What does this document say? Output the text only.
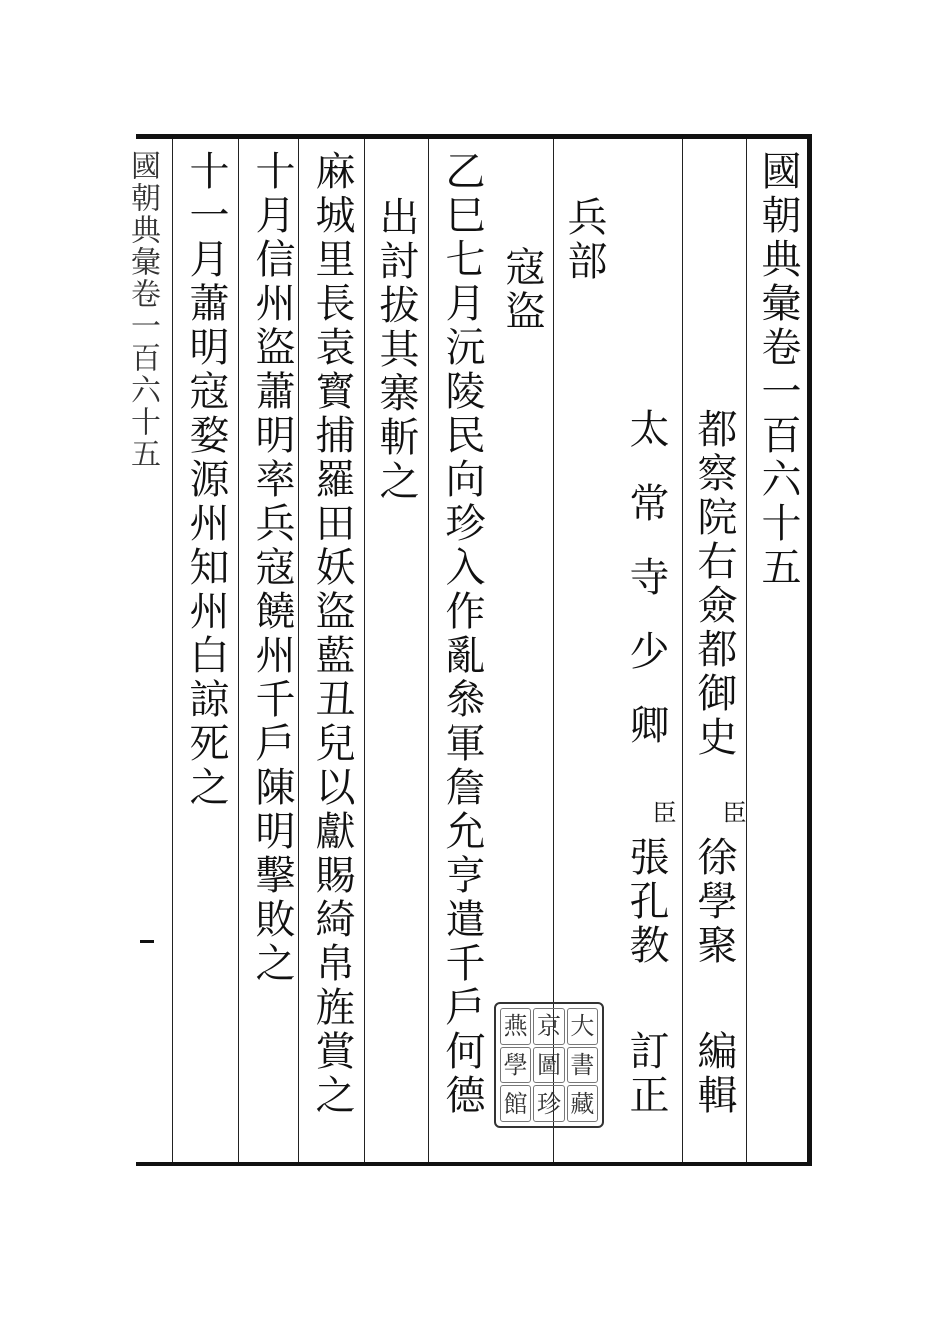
國朝典彙卷一百六十五
都察院右僉都御史
臣
徐學聚
編輯
太常寺少卿
臣
張孔教
訂正
兵部
寇盜
乙巳七月沅陵民向珍入作亂叅軍詹允亨遣千戶何德
出討拔其寨斬之
麻城里長袁寳捕羅田妖盜藍丑兒以獻賜綺帛旌賞之
十月信州盜蕭明率兵寇饒州千戶陳明擊敗之
十一月蕭明寇婺源州知州白諒死之
燕 京 大
學 圖 書
館 珍 藏
國朝典彙卷一百六十五
